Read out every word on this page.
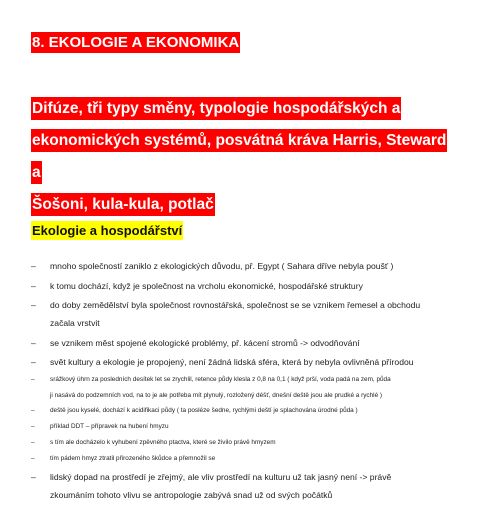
8. EKOLOGIE A EKONOMIKA
Difúze, tři typy směny, typologie hospodářských a
ekonomických systémů, posvátná kráva Harris, Steward a
Šošoni, kula-kula, potlač
Ekologie a hospodářství
–	mnoho společností zaniklo z ekologických důvodu, př. Egypt ( Sahara dříve nebyla poušť )
–	k tomu dochází, když je společnost na vrcholu ekonomické, hospodářské struktury
–	do doby zemědělství byla společnost rovnostářská, společnost se se vznikem řemesel a obchodu
začala vrstvit
–	se vznikem měst spojené ekologické problémy, př. kácení stromů -> odvodňování
–	svět kultury a ekologie je propojený, není žádná lidská sféra, která by nebyla ovlivněná přírodou
–	srážkový úhrn za posledních desítek let se zrychlil, retence půdy klesla z 0,8 na 0,1 ( když prší, voda padá na zem, půda
ji nasává do podzemních vod, na to je ale potřeba mít plynulý, rozložený déšť, dnešní deště jsou ale prudké a rychlé )
–	deště jsou kyselé, dochází k acidifikaci půdy ( ta posléze šedne, rychlými deští je splachována úrodné půda )
–	příklad DDT – přípravek na hubení hmyzu
–	s tím ale docházelo k vyhubení zpěvného ptactva, které se živilo právě hmyzem
–	tím pádem hmyz ztratil přirozeného škůdce a přemnožil se
–	lidský dopad na prostředí je zřejmý, ale vliv prostředí na kulturu už tak jasný není -> právě
zkoumáním tohoto vlivu se antropologie zabývá snad už od svých počátků
